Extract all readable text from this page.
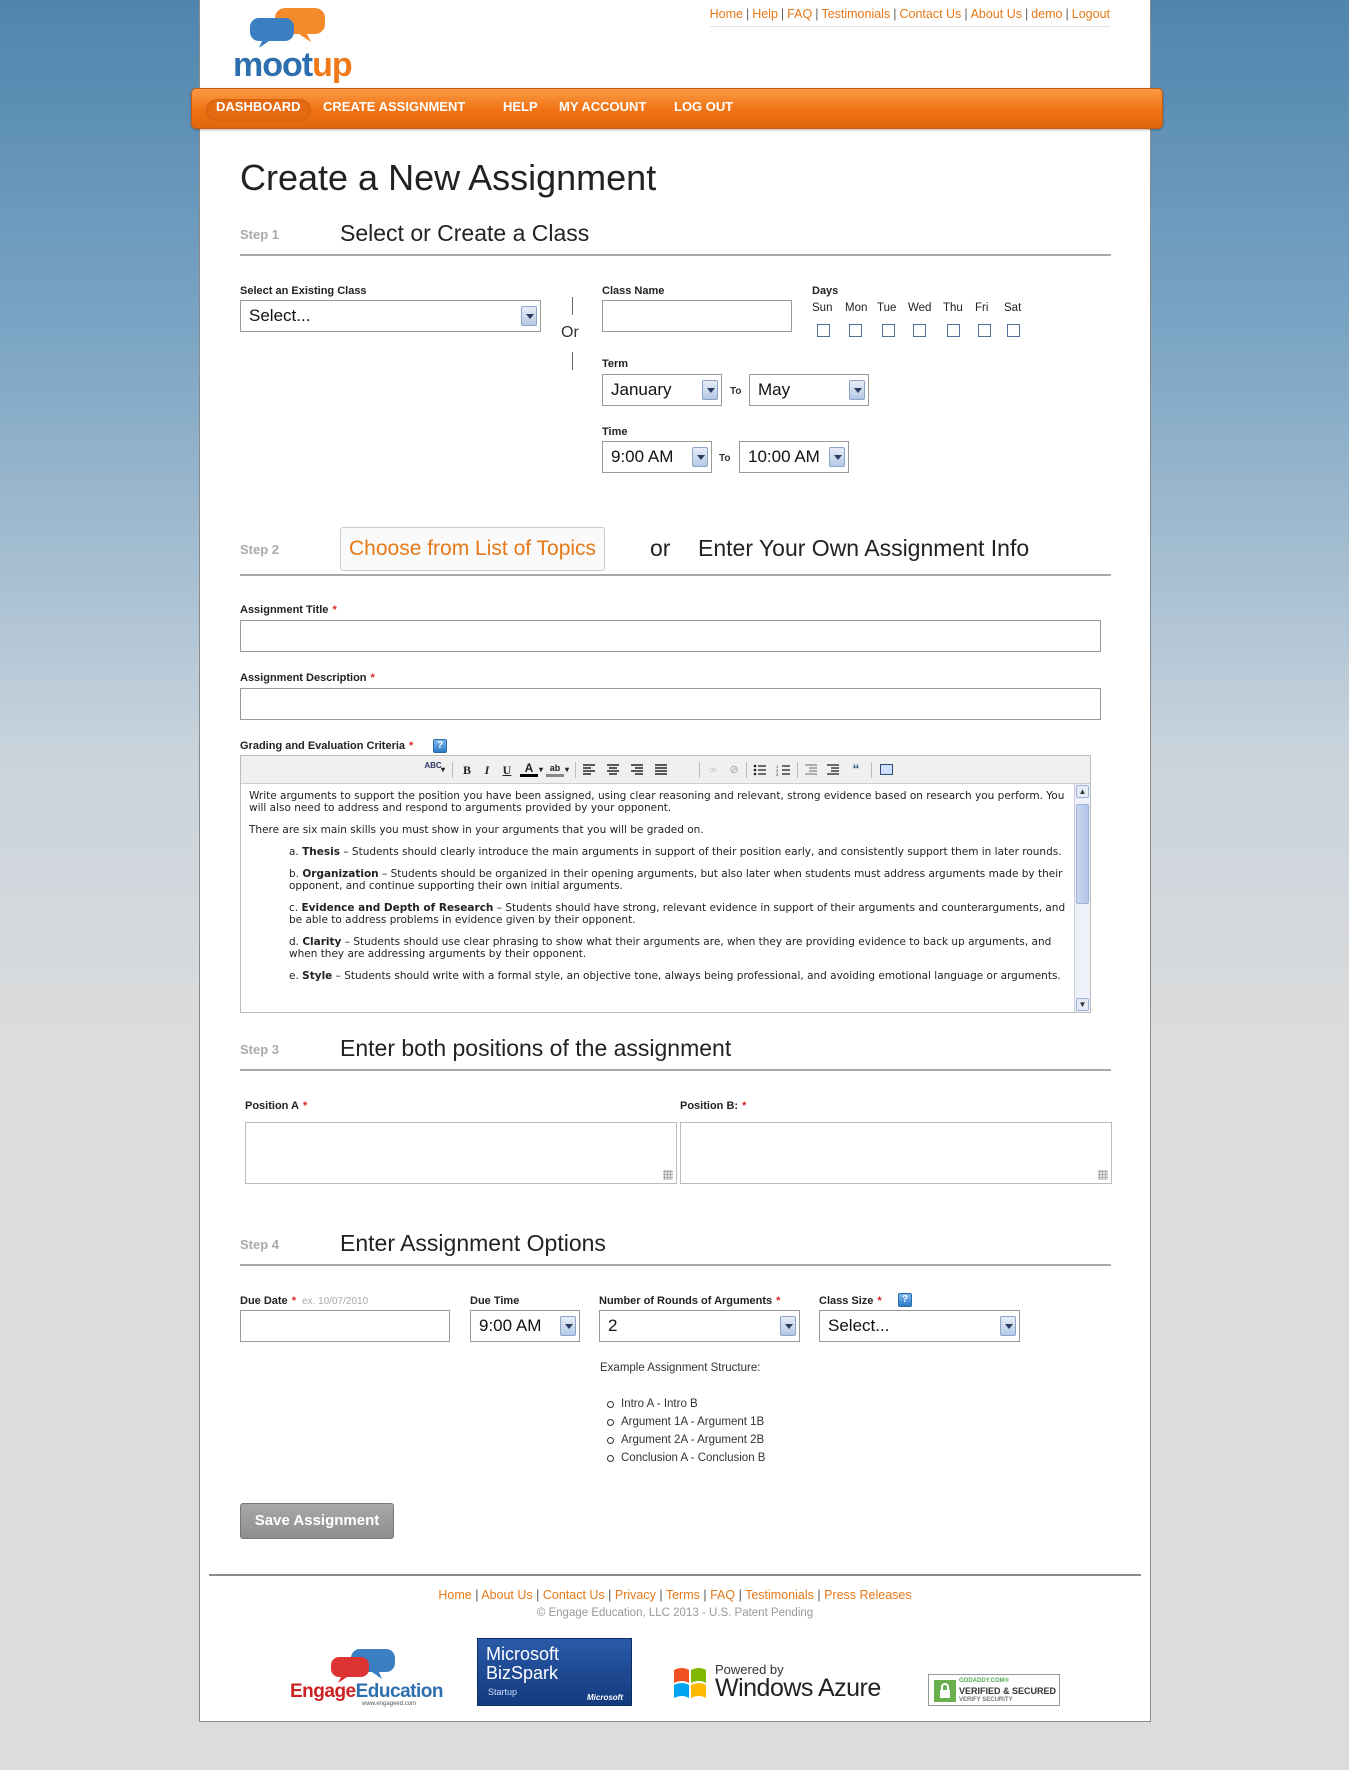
mootup
Home | Help | FAQ | Testimonials | Contact Us | About Us | demo | Logout
Create a New Assignment
Step 1	Select or Create a Class
Select an Existing Class
Select...
Or
Class Name	Days
Sun Mon Tue Wed Thu Fri Sat
Term
January	To May
Time
9:00 AM	To	10:00 AM
Step 2	Choose from List of Topics	or Enter Your Own Assignment Info
Assignment Title *
Assignment Description *
Grading and Evaluation Criteria *	?
ABC ▾	B	I	U	A ▾ ab ▾	∞	⊘	1
2
3	“

Write arguments to support the position you have been assigned, using clear reasoning and relevant, strong evidence based on research you perform. You will also need to address and respond to arguments provided by your opponent.

There are six main skills you must show in your arguments that you will be graded on.

a. Thesis – Students should clearly introduce the main arguments in support of their position early, and consistently support them in later rounds.

b. Organization – Students should be organized in their opening arguments, but also later when students must address arguments made by their opponent, and continue supporting their own initial arguments.

c. Evidence and Depth of Research – Students should have strong, relevant evidence in support of their arguments and counterarguments, and be able to address problems in evidence given by their opponent.

d. Clarity – Students should use clear phrasing to show what their arguments are, when they are providing evidence to back up arguments, and when they are addressing arguments by their opponent.

e. Style – Students should write with a formal style, an objective tone, always being professional, and avoiding emotional language or arguments.

▲
▼
Step 3	Enter both positions of the assignment
Position A *	Position B: *
Step 4	Enter Assignment Options
Due Date * ex. 10/07/2010	Due Time
9:00 AM
Number of Rounds of Arguments *
2
Class Size *	?
Select...
Example Assignment Structure:
Intro A - Intro B
Argument 1A - Argument 1B
Argument 2A - Argument 2B
Conclusion A - Conclusion B
Save Assignment
Home | About Us | Contact Us | Privacy | Terms | FAQ | Testimonials | Press Releases
© Engage Education, LLC 2013 - U.S. Patent Pending
EngageEducation
www.engageed.com
Microsoft
BizSpark
Startup
Microsoft
Powered by
Windows Azure	GODADDY.COM®
VERIFIED & SECURED
VERIFY SECURITY
DASHBOARD	CREATE ASSIGNMENT	HELP	MY ACCOUNT	LOG OUT
